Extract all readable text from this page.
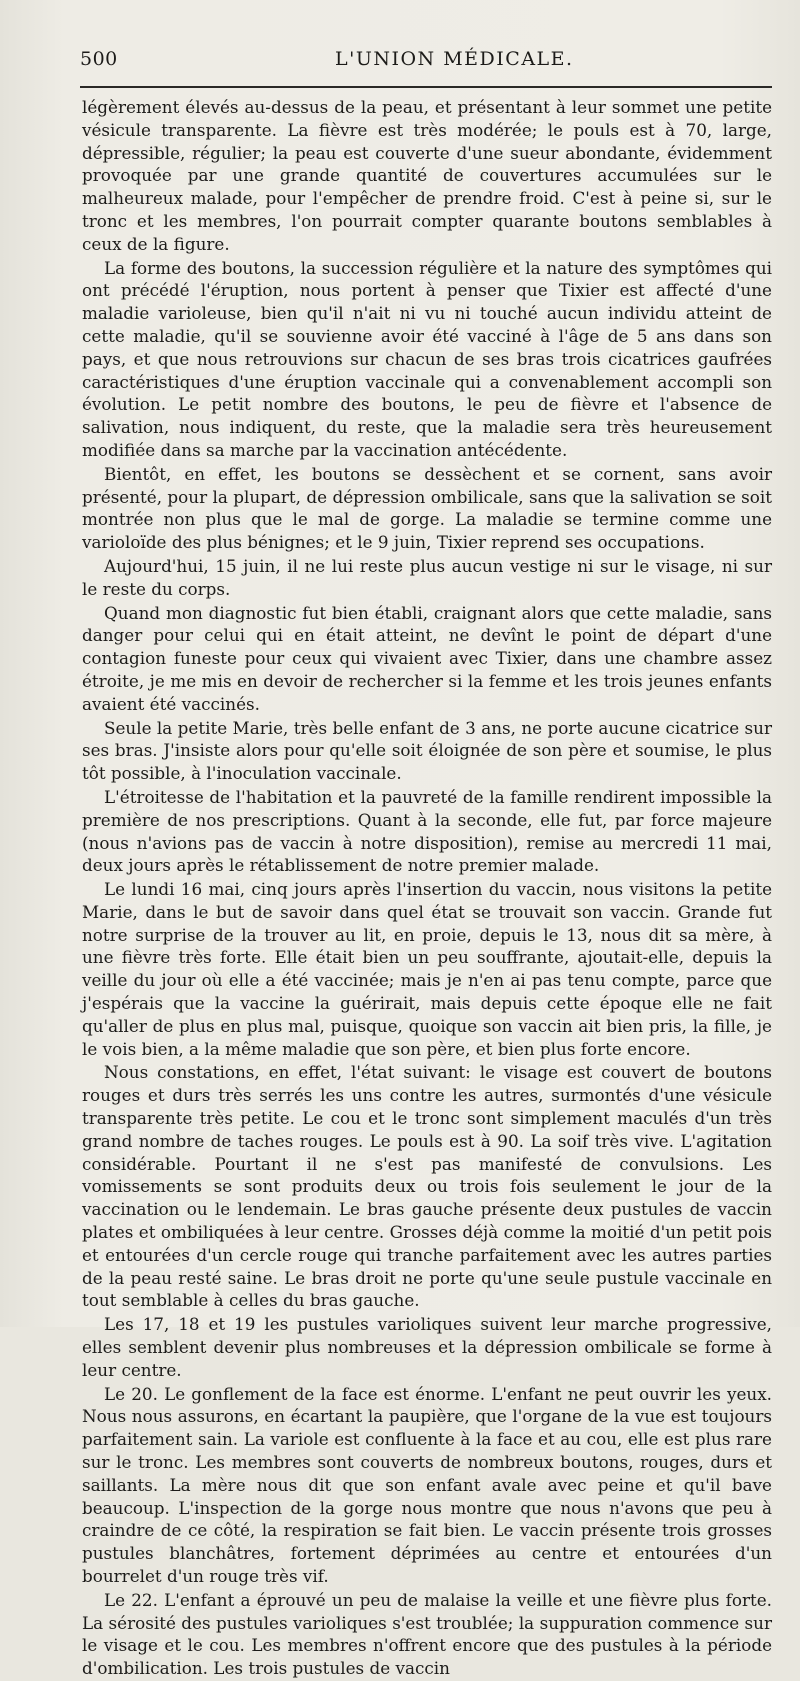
500	L'UNION MÉDICALE.

légèrement élevés au-dessus de la peau, et présentant à leur sommet une petite vésicule transparente. La fièvre est très modérée; le pouls est à 70, large, dépressible, régulier; la peau est couverte d'une sueur abondante, évidemment provoquée par une grande quantité de couvertures accumulées sur le malheureux malade, pour l'empêcher de prendre froid. C'est à peine si, sur le tronc et les membres, l'on pourrait compter quarante boutons semblables à ceux de la figure.

La forme des boutons, la succession régulière et la nature des symptômes qui ont précédé l'éruption, nous portent à penser que Tixier est affecté d'une maladie varioleuse, bien qu'il n'ait ni vu ni touché aucun individu atteint de cette maladie, qu'il se souvienne avoir été vacciné à l'âge de 5 ans dans son pays, et que nous retrouvions sur chacun de ses bras trois cicatrices gaufrées caractéristiques d'une éruption vaccinale qui a convenablement accompli son évolution. Le petit nombre des boutons, le peu de fièvre et l'absence de salivation, nous indiquent, du reste, que la maladie sera très heureusement modifiée dans sa marche par la vaccination antécédente.

Bientôt, en effet, les boutons se dessèchent et se cornent, sans avoir présenté, pour la plupart, de dépression ombilicale, sans que la salivation se soit montrée non plus que le mal de gorge. La maladie se termine comme une varioloïde des plus bénignes; et le 9 juin, Tixier reprend ses occupations.

Aujourd'hui, 15 juin, il ne lui reste plus aucun vestige ni sur le visage, ni sur le reste du corps.

Quand mon diagnostic fut bien établi, craignant alors que cette maladie, sans danger pour celui qui en était atteint, ne devînt le point de départ d'une contagion funeste pour ceux qui vivaient avec Tixier, dans une chambre assez étroite, je me mis en devoir de rechercher si la femme et les trois jeunes enfants avaient été vaccinés.

Seule la petite Marie, très belle enfant de 3 ans, ne porte aucune cicatrice sur ses bras. J'insiste alors pour qu'elle soit éloignée de son père et soumise, le plus tôt possible, à l'inoculation vaccinale.

L'étroitesse de l'habitation et la pauvreté de la famille rendirent impossible la première de nos prescriptions. Quant à la seconde, elle fut, par force majeure (nous n'avions pas de vaccin à notre disposition), remise au mercredi 11 mai, deux jours après le rétablissement de notre premier malade.

Le lundi 16 mai, cinq jours après l'insertion du vaccin, nous visitons la petite Marie, dans le but de savoir dans quel état se trouvait son vaccin. Grande fut notre surprise de la trouver au lit, en proie, depuis le 13, nous dit sa mère, à une fièvre très forte. Elle était bien un peu souffrante, ajoutait-elle, depuis la veille du jour où elle a été vaccinée; mais je n'en ai pas tenu compte, parce que j'espérais que la vaccine la guérirait, mais depuis cette époque elle ne fait qu'aller de plus en plus mal, puisque, quoique son vaccin ait bien pris, la fille, je le vois bien, a la même maladie que son père, et bien plus forte encore.

Nous constations, en effet, l'état suivant: le visage est couvert de boutons rouges et durs très serrés les uns contre les autres, surmontés d'une vésicule transparente très petite. Le cou et le tronc sont simplement maculés d'un très grand nombre de taches rouges. Le pouls est à 90. La soif très vive. L'agitation considérable. Pourtant il ne s'est pas manifesté de convulsions. Les vomissements se sont produits deux ou trois fois seulement le jour de la vaccination ou le lendemain. Le bras gauche présente deux pustules de vaccin plates et ombiliquées à leur centre. Grosses déjà comme la moitié d'un petit pois et entourées d'un cercle rouge qui tranche parfaitement avec les autres parties de la peau resté saine. Le bras droit ne porte qu'une seule pustule vaccinale en tout semblable à celles du bras gauche.

Les 17, 18 et 19 les pustules varioliques suivent leur marche progressive, elles semblent devenir plus nombreuses et la dépression ombilicale se forme à leur centre.

Le 20. Le gonflement de la face est énorme. L'enfant ne peut ouvrir les yeux. Nous nous assurons, en écartant la paupière, que l'organe de la vue est toujours parfaitement sain. La variole est confluente à la face et au cou, elle est plus rare sur le tronc. Les membres sont couverts de nombreux boutons, rouges, durs et saillants. La mère nous dit que son enfant avale avec peine et qu'il bave beaucoup. L'inspection de la gorge nous montre que nous n'avons que peu à craindre de ce côté, la respiration se fait bien. Le vaccin présente trois grosses pustules blanchâtres, fortement déprimées au centre et entourées d'un bourrelet d'un rouge très vif.

Le 22. L'enfant a éprouvé un peu de malaise la veille et une fièvre plus forte. La sérosité des pustules varioliques s'est troublée; la suppuration commence sur le visage et le cou. Les membres n'offrent encore que des pustules à la période d'ombilication. Les trois pustules de vaccin
